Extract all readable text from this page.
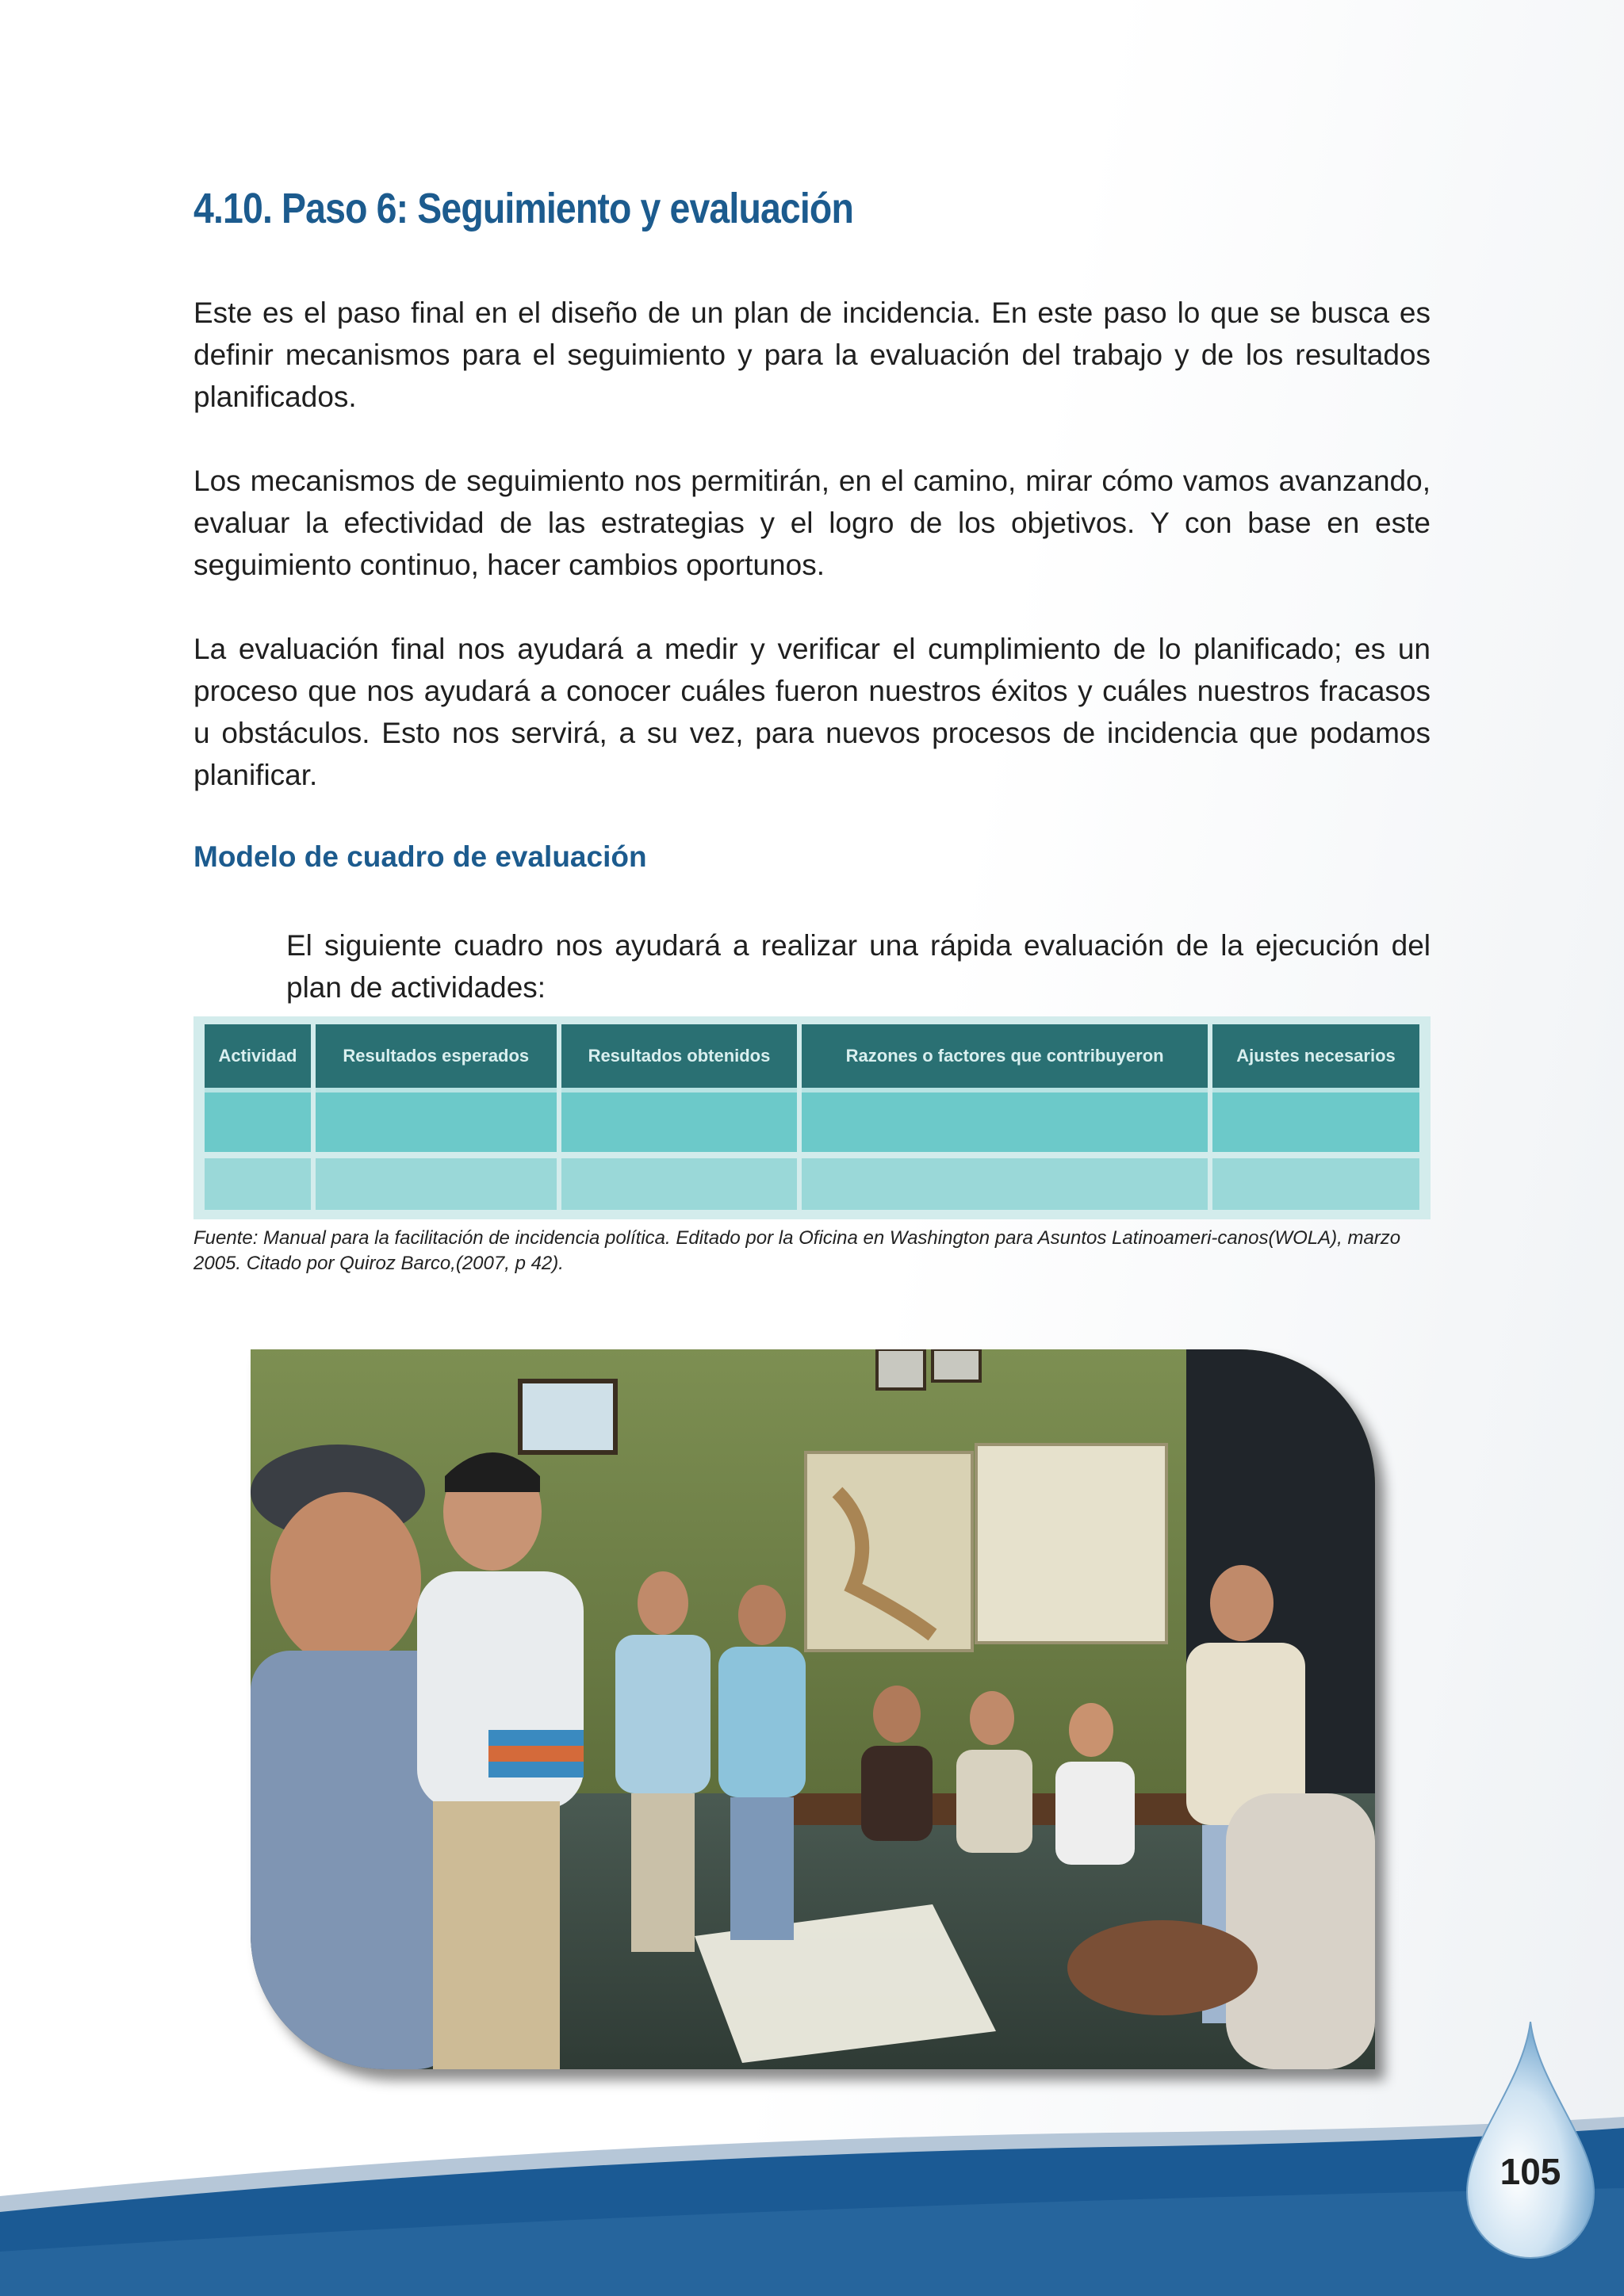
4.10. Paso 6: Seguimiento y evaluación

Este es el paso final en el diseño de un plan de incidencia. En este paso lo que se busca es definir mecanismos para el seguimiento y para la evaluación del trabajo y de los resultados planificados.

Los mecanismos de seguimiento nos permitirán, en el camino, mirar cómo vamos avanzando, evaluar la efectividad de las estrategias y el logro de los objetivos. Y con base en este seguimiento continuo, hacer cambios oportunos.

La evaluación final nos ayudará a medir y verificar el cumplimiento de lo planificado; es un proceso que nos ayudará a conocer cuáles fueron nuestros éxitos y cuáles nuestros fracasos u obstáculos. Esto nos servirá, a su vez, para nuevos procesos de incidencia que podamos planificar.

Modelo de cuadro de evaluación

El siguiente cuadro nos ayudará a realizar una rápida evaluación de la ejecución del plan de actividades:

Actividad	Resultados esperados	Resultados obtenidos	Razones o factores que contribuyeron	Ajustes necesarios

Fuente: Manual para la facilitación de incidencia política. Editado por la Oficina en Washington para Asuntos Latinoameri-canos(WOLA), marzo 2005. Citado por Quiroz Barco,(2007, p 42).
105
